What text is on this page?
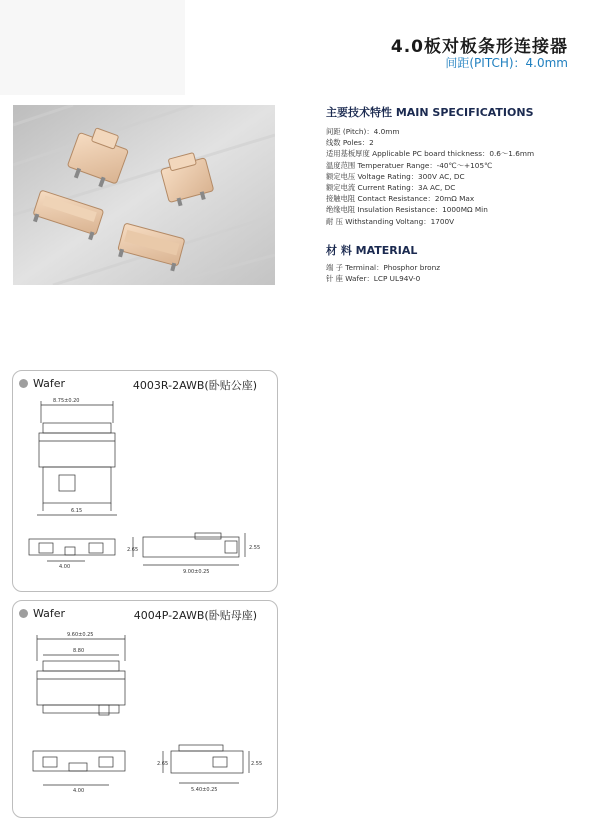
4.0板对板条形连接器
间距(PITCH)：4.0mm
主要技术特性 MAIN SPECIFICATIONS
间距 (Pitch)：4.0mm
线数 Poles：2
适用基板厚度 Applicable PC board thickness：0.6～1.6mm
温度范围 Temperatuer Range：-40℃～+105℃
额定电压 Voltage Rating：300V AC, DC
额定电流 Current Rating：3A AC, DC
接触电阻 Contact Resistance：20mΩ Max
绝缘电阻 Insulation Resistance：1000MΩ Min
耐 压 Withstanding Voltang：1700V
材 料 MATERIAL
端 子 Terminal：Phosphor bronz
针 座 Wafer：LCP UL94V-0
Wafer	4003R-2AWB(卧贴公座)
8.75±0.20
6.15
4.00
2.65	2.55
9.00±0.25
Wafer	4004P-2AWB(卧贴母座)
9.60±0.25
8.80
4.00
2.65	2.55
5.40±0.25
